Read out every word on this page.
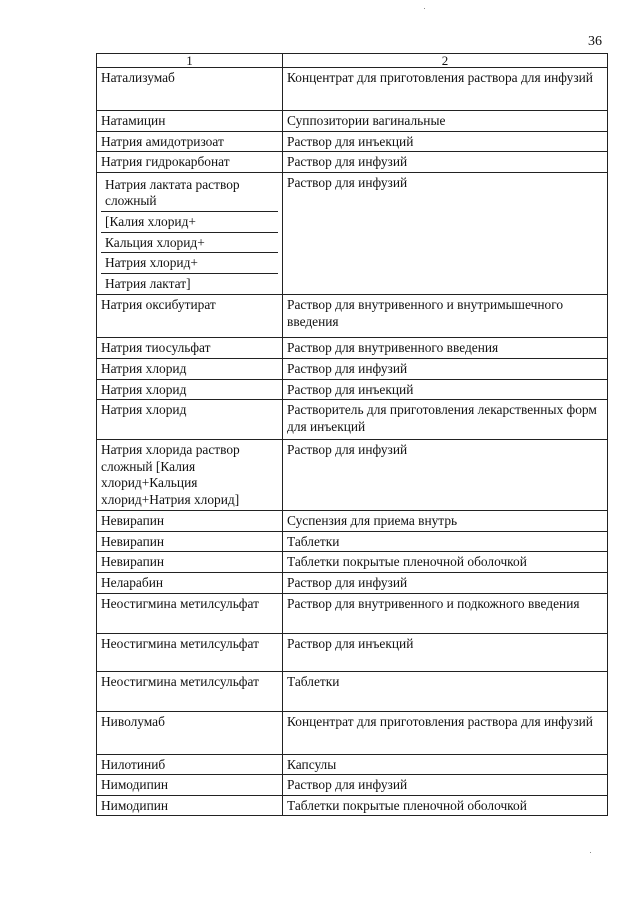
36
1	2
Натализумаб	Концентрат для приготовления раствора для инфузий
Натамицин	Суппозитории вагинальные
Натрия амидотризоат	Раствор для инъекций
Натрия гидрокарбонат	Раствор для инфузий

Натрия лактата раствор сложный
[Калия хлорид+
Кальция хлорид+
Натрия хлорид+
Натрия лактат]	Раствор для инфузий
Натрия оксибутират	Раствор для внутривенного и внутримышечного введения
Натрия тиосульфат	Раствор для внутривенного введения
Натрия хлорид	Раствор для инфузий
Натрия хлорид	Раствор для инъекций
Натрия хлорид	Растворитель для приготовления лекарственных форм для инъекций
Натрия хлорида раствор сложный [Калия хлорид+Кальция хлорид+Натрия хлорид]	Раствор для инфузий
Невирапин	Суспензия для приема внутрь
Невирапин	Таблетки
Невирапин	Таблетки покрытые пленочной оболочкой
Неларабин	Раствор для инфузий
Неостигмина метилсульфат	Раствор для внутривенного и подкожного введения
Неостигмина метилсульфат	Раствор для инъекций
Неостигмина метилсульфат	Таблетки
Ниволумаб	Концентрат для приготовления раствора для инфузий
Нилотиниб	Капсулы
Нимодипин	Раствор для инфузий
Нимодипин	Таблетки покрытые пленочной оболочкой
